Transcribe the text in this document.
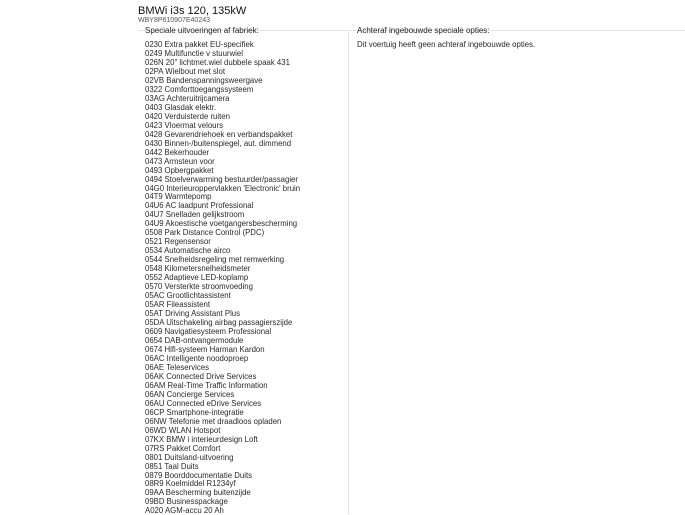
BMWi i3s 120, 135kW
WBY8P610907E40243
Speciale uitvoeringen af fabriek:	Achteraf ingebouwde speciale opties:
0230 Extra pakket EU-specifiek
0249 Multifunctie v stuurwiel
026N 20" lichtmet.wiel dubbele spaak 431
02PA Wielbout met slot
02VB Bandenspanningsweergave
0322 Comforttoegangssysteem
03AG Achteruitrijcamera
0403 Glasdak elektr.
0420 Verduisterde ruiten
0423 Vloermat velours
0428 Gevarendriehoek en verbandspakket
0430 Binnen-/buitenspiegel, aut. dimmend
0442 Bekerhouder
0473 Armsteun voor
0493 Opbergpakket
0494 Stoelverwarming bestuurder/passagier
04G0 Interieuroppervlakken 'Electronic' bruin
04T9 Warmtepomp
04U6 AC laadpunt Professional
04U7 Snelladen gelijkstroom
04U9 Akoestische voetgangersbescherming
0508 Park Distance Control (PDC)
0521 Regensensor
0534 Automatische airco
0544 Snelheidsregeling met remwerking
0548 Kilometersnelheidsmeter
0552 Adaptieve LED-koplamp
0570 Versterkte stroomvoeding
05AC Grootlichtassistent
05AR Fileassistent
05AT Driving Assistant Plus
05DA Uitschakeling airbag passagierszijde
0609 Navigatiesysteem Professional
0654 DAB-ontvangermodule
0674 Hifi-systeem Harman Kardon
06AC Intelligente noodoproep
06AE Teleservices
06AK Connected Drive Services
06AM Real-Time Traffic Information
06AN Concierge Services
06AU Connected eDrive Services
06CP Smartphone-integratie
06NW Telefonie met draadloos opladen
06WD WLAN Hotspot
07KX BMW i interieurdesign Loft
07RS Pakket Comfort
0801 Duitsland-uitvoering
0851 Taal Duits
0879 Boorddocumentatie Duits
08R9 Koelmiddel R1234yf
09AA Bescherming buitenzijde
09BD Businesspackage
A020 AGM-accu 20 Ah
Dit voertuig heeft geen achteraf ingebouwde opties.
